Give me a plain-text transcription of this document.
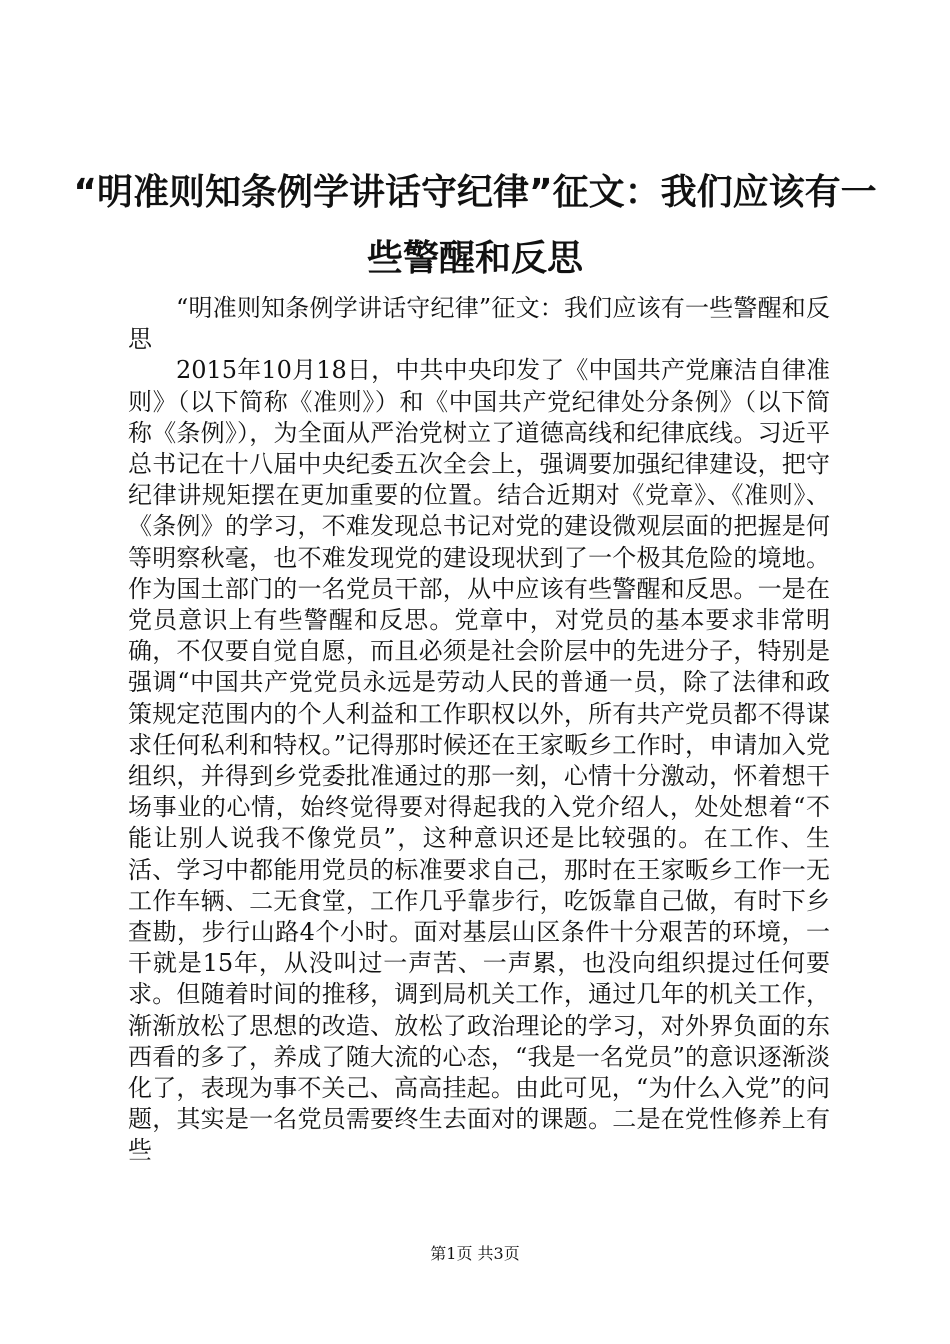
“明准则知条例学讲话守纪律”征文：我们应该有一些警醒和反思

“明准则知条例学讲话守纪律”征文：我们应该有一些警醒和反思

2015年10月18日，中共中央印发了《中国共产党廉洁自律准则》（以下简称《准则》）和《中国共产党纪律处分条例》（以下简称《条例》），为全面从严治党树立了道德高线和纪律底线。习近平总书记在十八届中央纪委五次全会上，强调要加强纪律建设，把守纪律讲规矩摆在更加重要的位置。结合近期对《党章》、《准则》、《条例》的学习，不难发现总书记对党的建设微观层面的把握是何等明察秋毫，也不难发现党的建设现状到了一个极其危险的境地。作为国土部门的一名党员干部，从中应该有些警醒和反思。一是在党员意识上有些警醒和反思。党章中，对党员的基本要求非常明确，不仅要自觉自愿，而且必须是社会阶层中的先进分子，特别是强调“中国共产党党员永远是劳动人民的普通一员，除了法律和政策规定范围内的个人利益和工作职权以外，所有共产党员都不得谋求任何私利和特权。”记得那时候还在王家畈乡工作时，申请加入党组织，并得到乡党委批准通过的那一刻，心情十分激动，怀着想干场事业的心情，始终觉得要对得起我的入党介绍人，处处想着“不能让别人说我不像党员”，这种意识还是比较强的。在工作、生活、学习中都能用党员的标准要求自己，那时在王家畈乡工作一无工作车辆、二无食堂，工作几乎靠步行，吃饭靠自己做，有时下乡查勘，步行山路4个小时。面对基层山区条件十分艰苦的环境，一干就是15年，从没叫过一声苦、一声累，也没向组织提过任何要求。但随着时间的推移，调到局机关工作，通过几年的机关工作，渐渐放松了思想的改造、放松了政治理论的学习，对外界负面的东西看的多了，养成了随大流的心态，“我是一名党员”的意识逐渐淡化了，表现为事不关己、高高挂起。由此可见，“为什么入党”的问题，其实是一名党员需要终生去面对的课题。二是在党性修养上有些

第1页 共3页
